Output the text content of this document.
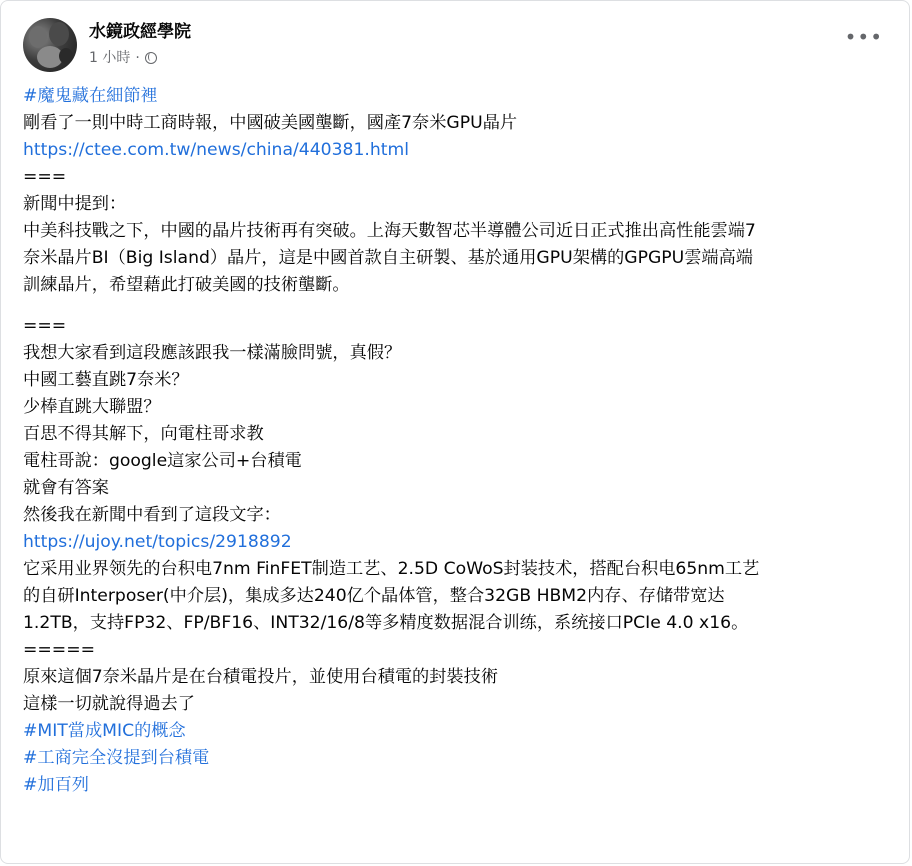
水鏡政經學院
1 小時 ·
•••

#魔鬼藏在細節裡

剛看了一則中時工商時報，中國破美國壟斷，國產7奈米GPU晶片
https://ctee.com.tw/news/china/440381.html
===
新聞中提到：
中美科技戰之下，中國的晶片技術再有突破。上海天數智芯半導體公司近日正式推出高性能雲端7
奈米晶片BI（Big Island）晶片，這是中國首款自主研製、基於通用GPU架構的GPGPU雲端高端
訓練晶片，希望藉此打破美國的技術壟斷。

===
我想大家看到這段應該跟我一樣滿臉問號，真假？
中國工藝直跳7奈米？
少棒直跳大聯盟？

百思不得其解下，向電柱哥求教

電柱哥說：google這家公司+台積電
就會有答案

然後我在新聞中看到了這段文字：
https://ujoy.net/topics/2918892
它采用业界领先的台积电7nm FinFET制造工艺、2.5D CoWoS封装技术，搭配台积电65nm工艺
的自研Interposer(中介层)，集成多达240亿个晶体管，整合32GB HBM2内存、存储带宽达
1.2TB，支持FP32、FP/BF16、INT32/16/8等多精度数据混合训练，系统接口PCIe 4.0 x16。

=====
原來這個7奈米晶片是在台積電投片，並使用台積電的封裝技術

這樣一切就說得過去了

#MIT當成MIC的概念
#工商完全沒提到台積電

#加百列
